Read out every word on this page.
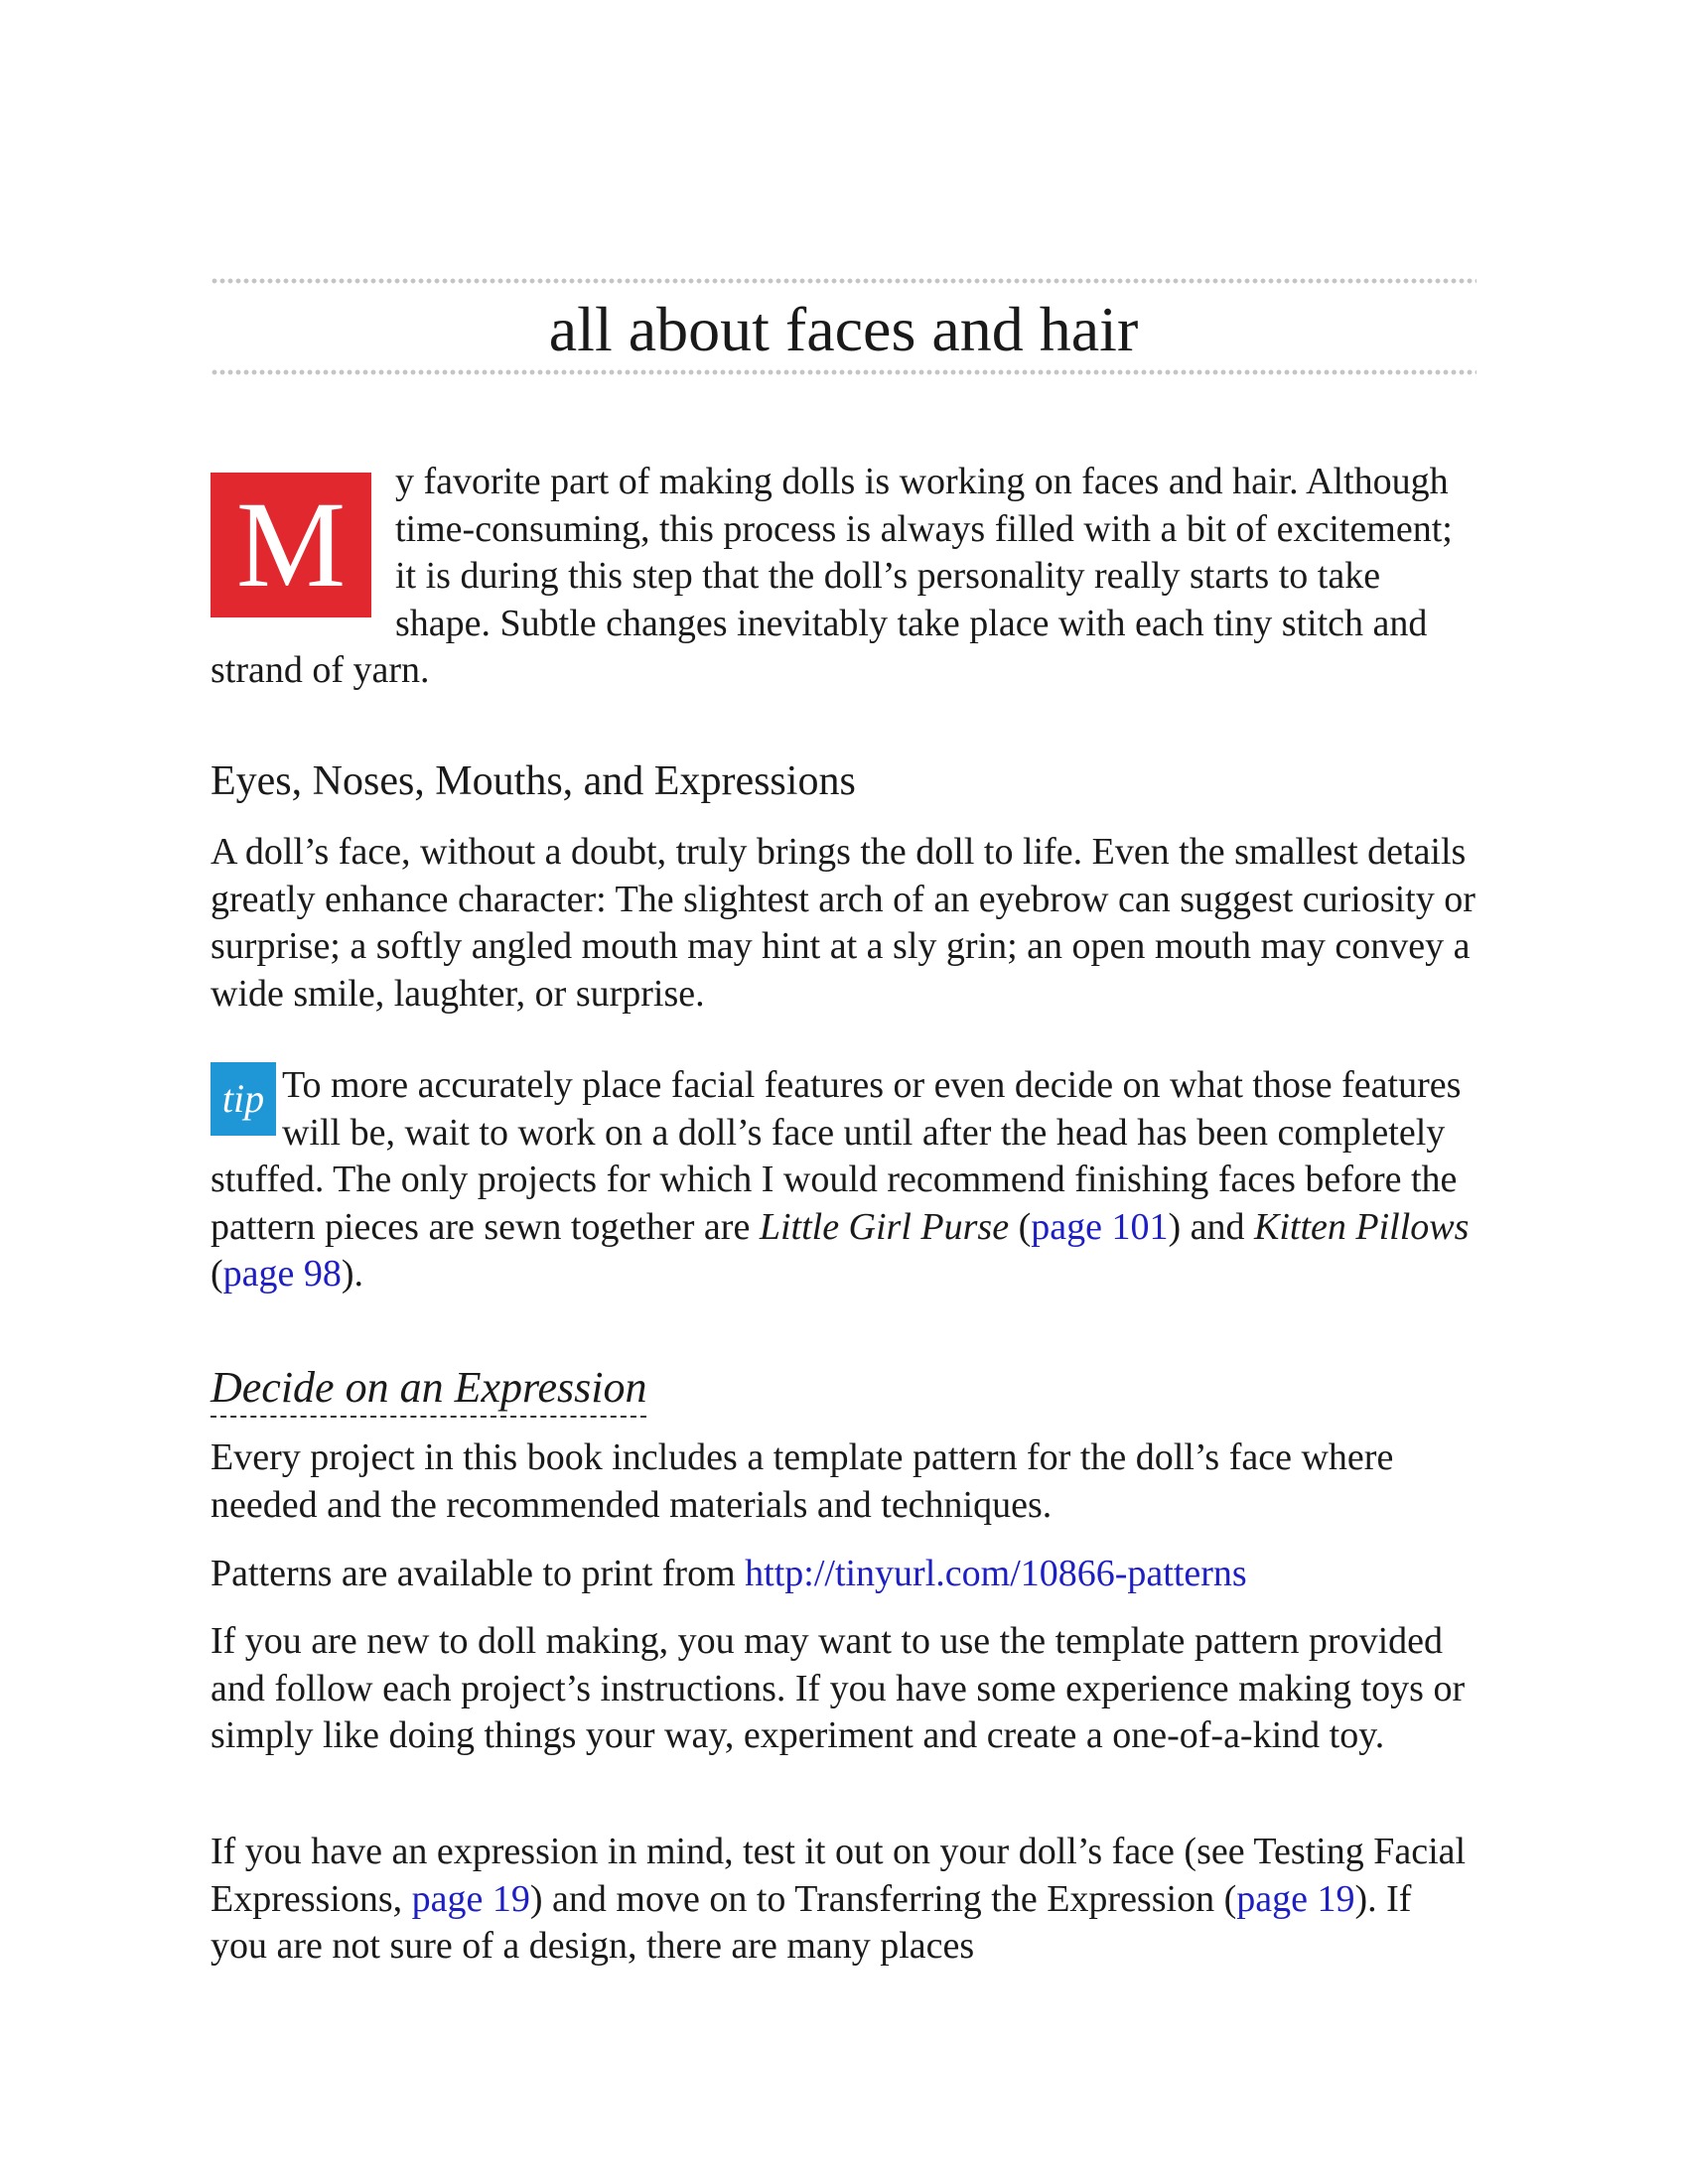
all about faces and hair

M	y favorite part of making dolls is working on faces and hair. Although time-consuming, this process is always filled with a bit of excitement; it is during this step that the doll’s personality really starts to take shape. Subtle changes inevitably take place with each tiny stitch and strand of yarn.

Eyes, Noses, Mouths, and Expressions

A doll’s face, without a doubt, truly brings the doll to life. Even the smallest details greatly enhance character: The slightest arch of an eyebrow can suggest curiosity or surprise; a softly angled mouth may hint at a sly grin; an open mouth may convey a wide smile, laughter, or surprise.

tip To more accurately place facial features or even decide on what those features will be, wait to work on a doll’s face until after the head has been completely stuffed. The only projects for which I would recommend finishing faces before the pattern pieces are sewn together are Little Girl Purse (page 101) and Kitten Pillows (page 98).

Decide on an Expression

Every project in this book includes a template pattern for the doll’s face where needed and the recommended materials and techniques.

Patterns are available to print from http://tinyurl.com/10866-patterns

If you are new to doll making, you may want to use the template pattern provided and follow each project’s instructions. If you have some experience making toys or simply like doing things your way, experiment and create a one-of-a-kind toy.

If you have an expression in mind, test it out on your doll’s face (see Testing Facial Expressions, page 19) and move on to Transferring the Expression (page 19). If you are not sure of a design, there are many places
